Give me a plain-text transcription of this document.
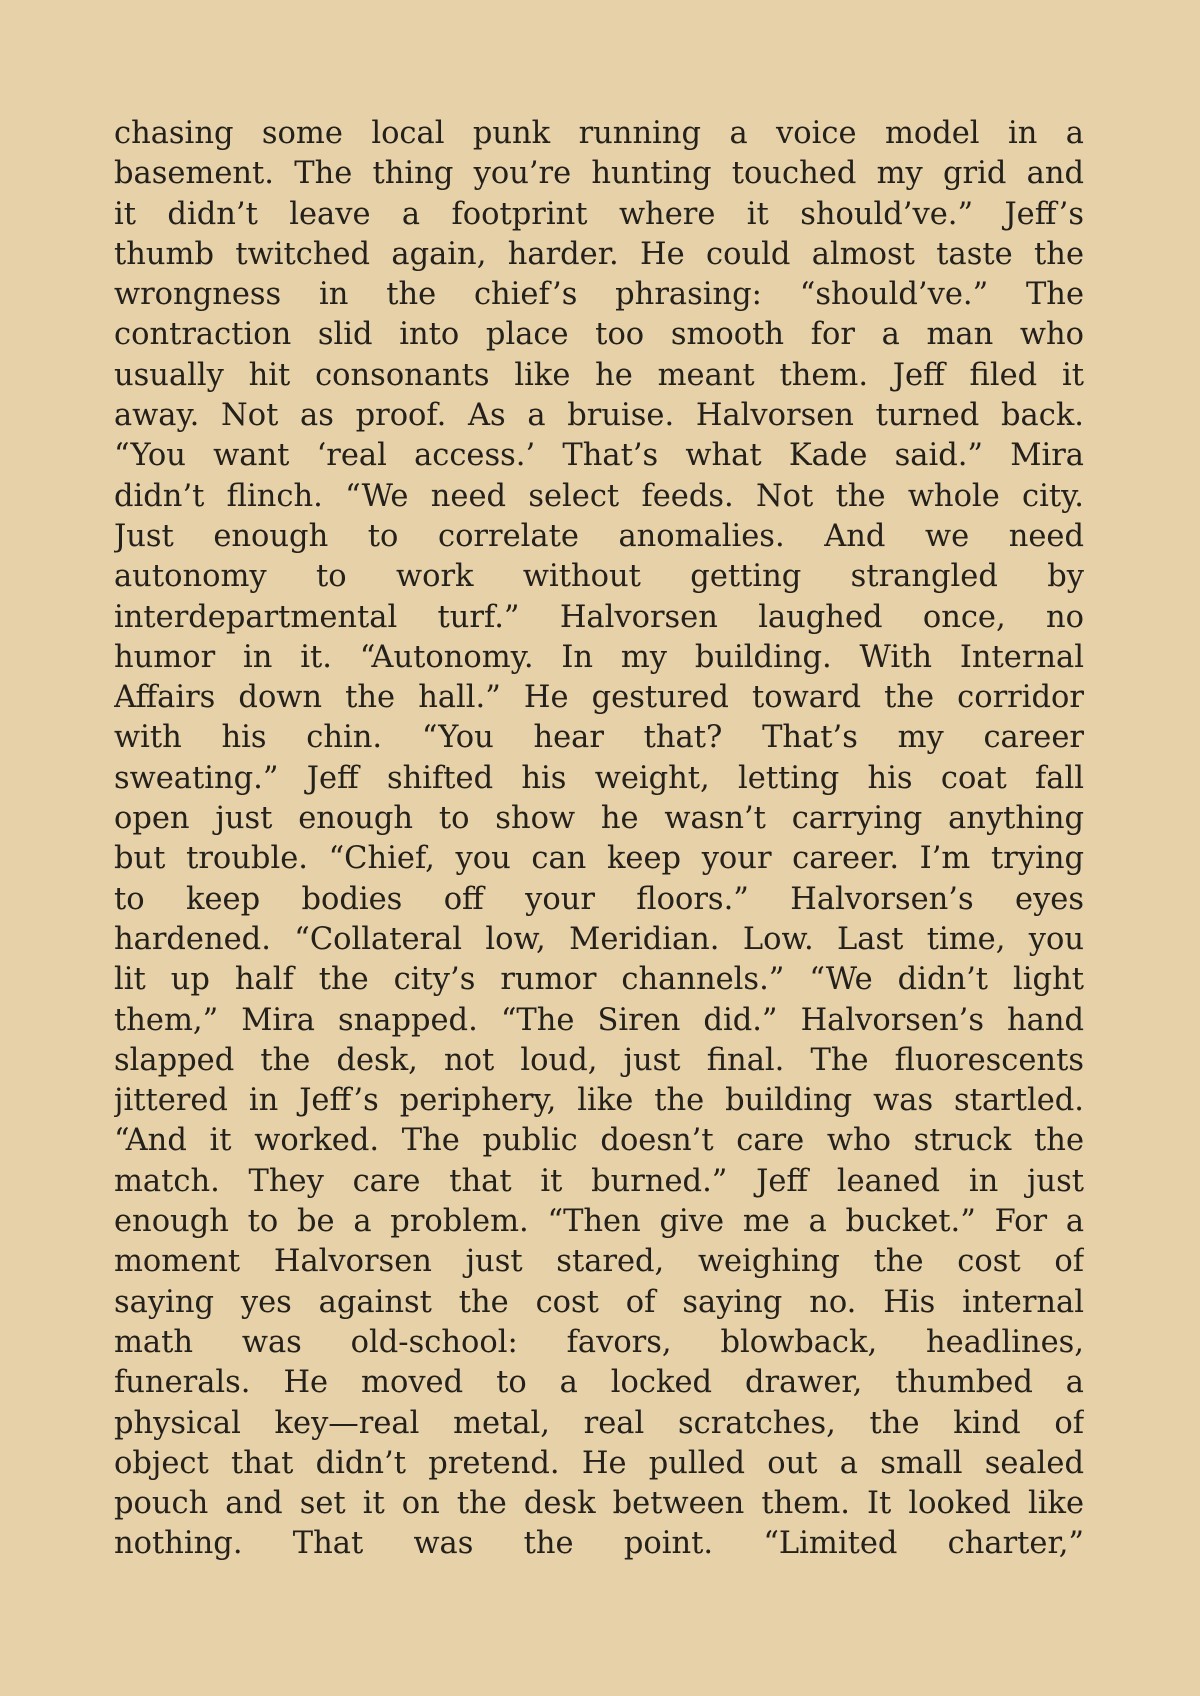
chasing some local punk running a voice model in a
basement. The thing you’re hunting touched my grid and
it didn’t leave a footprint where it should’ve.” Jeff’s
thumb twitched again, harder. He could almost taste the
wrongness in the chief’s phrasing: “should’ve.” The
contraction slid into place too smooth for a man who
usually hit consonants like he meant them. Jeff filed it
away. Not as proof. As a bruise. Halvorsen turned back.
“You want ‘real access.’ That’s what Kade said.” Mira
didn’t flinch. “We need select feeds. Not the whole city.
Just enough to correlate anomalies. And we need
autonomy to work without getting strangled by
interdepartmental turf.” Halvorsen laughed once, no
humor in it. “Autonomy. In my building. With Internal
Affairs down the hall.” He gestured toward the corridor
with his chin. “You hear that? That’s my career
sweating.” Jeff shifted his weight, letting his coat fall
open just enough to show he wasn’t carrying anything
but trouble. “Chief, you can keep your career. I’m trying
to keep bodies off your floors.” Halvorsen’s eyes
hardened. “Collateral low, Meridian. Low. Last time, you
lit up half the city’s rumor channels.” “We didn’t light
them,” Mira snapped. “The Siren did.” Halvorsen’s hand
slapped the desk, not loud, just final. The fluorescents
jittered in Jeff’s periphery, like the building was startled.
“And it worked. The public doesn’t care who struck the
match. They care that it burned.” Jeff leaned in just
enough to be a problem. “Then give me a bucket.” For a
moment Halvorsen just stared, weighing the cost of
saying yes against the cost of saying no. His internal
math was old-school: favors, blowback, headlines,
funerals. He moved to a locked drawer, thumbed a
physical key—real metal, real scratches, the kind of
object that didn’t pretend. He pulled out a small sealed
pouch and set it on the desk between them. It looked like
nothing. That was the point. “Limited charter,”
